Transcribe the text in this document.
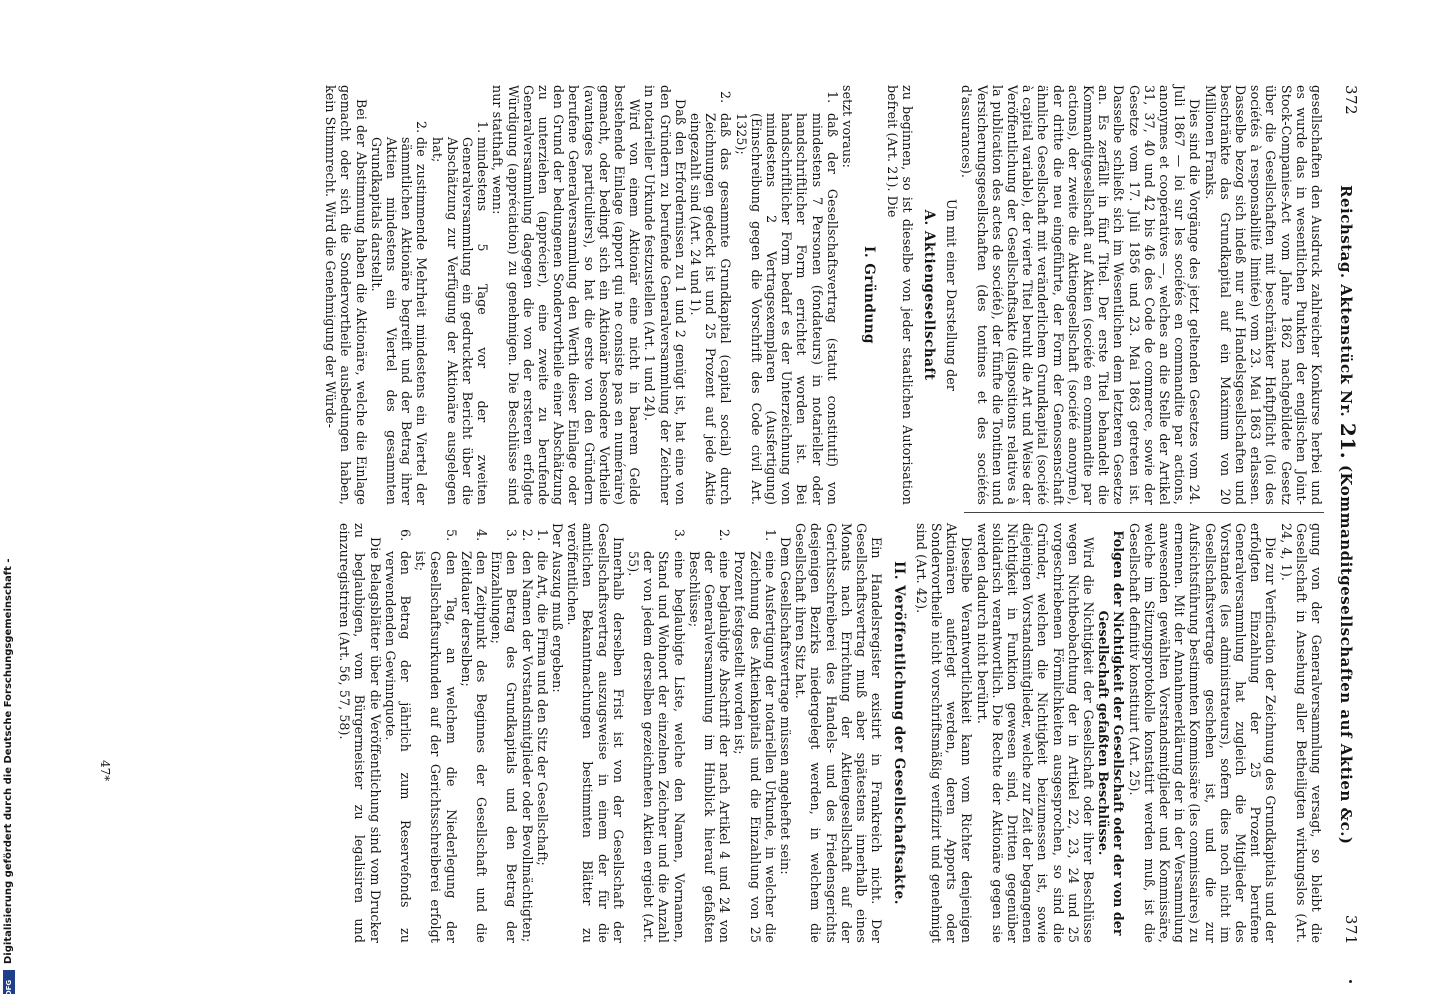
372
Reichstag. Aktenstück Nr. 21. (Kommanditgesellschaften auf Aktien &c.)
371

gesellschaften den Ausdruck zahlreicher Konkurse herbei und es wurde das in wesentlichen Punkten der englischen Joint-Stock-Companies-Act vom Jahre 1862 nachgebildete Gesetz über die Gesellschaften mit beschränkter Haftpflicht (loi des sociétés à responsabilité limitée) vom 23. Mai 1863 erlassen. Dasselbe bezog sich indeß nur auf Handelsgesellschaften und beschränkte das Grundkapital auf ein Maximum von 20 Millionen Franks.

Dies sind die Vorgänge des jetzt geltenden Gesetzes vom 24. Juli 1867 — loi sur les sociétés en commandite par actions, anonymes et coopératives —, welches an die Stelle der Artikel 31, 37, 40 und 42 bis 46 des Code de commerce, sowie der Gesetze vom 17. Juli 1856 und 23. Mai 1863 getreten ist. Dasselbe schließt sich im Wesentlichen dem letzteren Gesetze an. Es zerfällt in fünf Titel. Der erste Titel behandelt die Kommanditgesellschaft auf Aktien (société en commandite par actions), der zweite die Aktiengesellschaft (société anonyme), der dritte die neu eingeführte, der Form der Genossenschaft ähnliche Gesellschaft mit veränderlichem Grundkapital (société à capital variable), der vierte Titel beruht die Art und Weise der Veröffentlichung der Gesellschaftsakte (dispositions relatives à la publication des actes de société), der fünfte die Tontinen und Versicherungsgesellschaften (des tontines et des sociétés d'assurances).

Um mit einer Darstellung der

A. Aktiengesellschaft

zu beginnen, so ist dieselbe von jeder staatlichen Autorisation befreit (Art. 21). Die

I. Gründung

setzt voraus:

1.
daß der Gesellschaftsvertrag (statut constitutif) von mindestens 7 Personen (fondateurs) in notarieller oder handschriftlicher Form errichtet worden ist. Bei handschriftlicher Form bedarf es der Unterzeichnung von mindestens 2 Vertragsexemplaren (Ausfertigung) (Einschreibung gegen die Vorschrift des Code civil Art. 1325);
2.
daß das gesammte Grundkapital (capital social) durch Zeichnungen gedeckt ist und 25 Prozent auf jede Aktie eingezahlt sind (Art. 24 und 1).

Daß den Erfordernissen zu 1 und 2 genügt ist, hat eine von den Gründern zu berufende Generalversammlung der Zeichner in notarieller Urkunde festzustellen (Art. 1 und 24).

Wird von einem Aktionär eine nicht in baarem Gelde bestehende Einlage (apport qui ne consiste pas en numéraire) gemacht, oder bedingt sich ein Aktionär besondere Vortheile (avantages particuliers), so hat die erste von den Gründern berufene Generalversammlung den Werth dieser Einlage oder den Grund der bedungenen Sondervortheile einer Abschätzung zu unterziehen (apprécier), eine zweite zu berufende Generalversammlung dagegen die von der ersteren erfolgte Würdigung (appréciation) zu genehmigen. Die Beschlüsse sind nur statthaft, wenn:

1.
mindestens 5 Tage vor der zweiten Generalversammlung ein gedruckter Bericht über die Abschätzung zur Verfügung der Aktionäre ausgelegen hat;
2.
die zustimmende Mehrheit mindestens ein Viertel der sämmtlichen Aktionäre begreift und der Betrag ihrer Aktien mindestens ein Viertel des gesammten Grundkapitals darstellt.

Bei der Abstimmung haben die Aktionäre, welche die Einlage gemacht oder sich die Sondervortheile ausbedungen haben, kein Stimmrecht. Wird die Genehmigung der Würde-

gung von der Generalversammlung versagt, so bleibt die Gesellschaft in Ansehung aller Betheiligten wirkungslos (Art. 24, 4, 1).

Die zur Verification der Zeichnung des Grundkapitals und der erfolgten Einzahlung der 25 Prozent berufene Generalversammlung hat zugleich die Mitglieder des Vorstandes (les administrateurs), sofern dies noch nicht im Gesellschaftsvertrage geschehen ist, und die zur Aufsichtsführung bestimmten Kommissäre (les commissaires) zu ernennen. Mit der Annahmeerklärung der in der Versammlung anwesenden gewählten Vorstandsmitglieder und Kommissäre, welche im Sitzungsprotokolle konstatirt werden muß, ist die Gesellschaft definitiv konstituirt (Art. 25).

Folgen der Nichtigkeit der Gesellschaft oder der von der Gesellschaft gefaßten Beschlüsse.

Wird die Nichtigkeit der Gesellschaft oder ihrer Beschlüsse wegen Nichtbeobachtung der in Artikel 22, 23, 24 und 25 vorgeschriebenen Förmlichkeiten ausgesprochen, so sind die Gründer, welchen die Nichtigkeit beizumessen ist, sowie diejenigen Vorstandsmitglieder, welche zur Zeit der begangenen Nichtigkeit in Funktion gewesen sind, Dritten gegenüber solidarisch verantwortlich. Die Rechte der Aktionäre gegen sie werden dadurch nicht berührt.

Dieselbe Verantwortlichkeit kann vom Richter denjenigen Aktionären auferlegt werden, deren Apports oder Sondervortheile nicht vorschriftsmäßig verifizirt und genehmigt sind (Art. 42).

II. Veröffentlichung der Gesellschaftsakte.

Ein Handelsregister existirt in Frankreich nicht. Der Gesellschaftsvertrag muß aber spätestens innerhalb eines Monats nach Errichtung der Aktiengesellschaft auf der Gerichtsschreiberei des Handels- und des Friedensgerichts desjenigen Bezirks niedergelegt werden, in welchem die Gesellschaft ihren Sitz hat.

Dem Gesellschaftsvertrage müssen angeheftet sein:

1.
eine Ausfertigung der notariellen Urkunde, in welcher die Zeichnung des Aktienkapitals und die Einzahlung von 25 Prozent festgestellt worden ist;
2.
eine beglaubigte Abschrift der nach Artikel 4 und 24 von der Generalversammlung im Hinblick hierauf gefaßten Beschlüsse;
3.
eine beglaubigte Liste, welche den Namen, Vornamen, Stand und Wohnort der einzelnen Zeichner und die Anzahl der von jedem derselben gezeichneten Aktien ergiebt (Art. 55).

Innerhalb derselben Frist ist von der Gesellschaft der Gesellschaftsvertrag auszugsweise in einem der für die amtlichen Bekanntmachungen bestimmten Blätter zu veröffentlichen.

Der Auszug muß ergeben:

1.
die Art, die Firma und den Sitz der Gesellschaft;
2.
den Namen der Vorstandsmitglieder oder Bevollmächtigten;
3.
den Betrag des Grundkapitals und den Betrag der Einzahlungen;
4.
den Zeitpunkt des Beginnes der Gesellschaft und die Zeitdauer derselben;
5.
den Tag, an welchem die Niederlegung der Gesellschaftsurkunden auf der Gerichtsschreiberei erfolgt ist;
6.
den Betrag der jährlich zum Reservefonds zu verwendenden Gewinnquote.

Die Belagsblätter über die Veröffentlichung sind vom Drucker zu beglaubigen, vom Bürgermeister zu legalisiren und einzuregistriren (Art. 56, 57, 58).

47*
Digitalisierung gefördert durch die Deutsche Forschungsgemeinschaft -
DFG
